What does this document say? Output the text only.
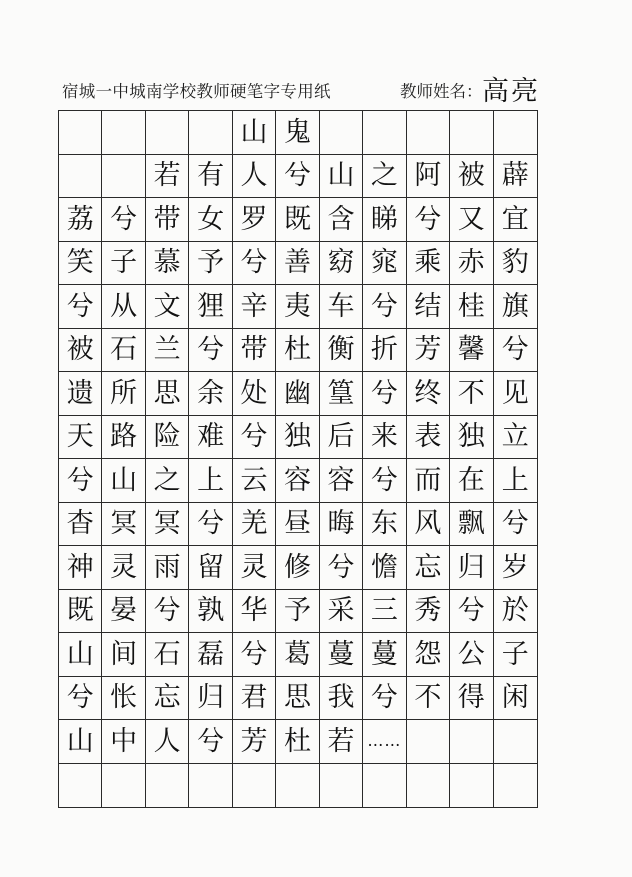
宿城一中城南学校教师硬笔字专用纸	教师姓名： 高亮
山 鬼
若 有 人 兮 山 之 阿 被 薜
荔 兮 带 女 罗 既 含 睇 兮 又 宜
笑 子 慕 予 兮 善 窈 窕 乘 赤 豹
兮 从 文 狸 辛 夷 车 兮 结 桂 旗
被 石 兰 兮 带 杜 衡 折 芳 馨 兮
遗 所 思 余 处 幽 篁 兮 终 不 见
天 路 险 难 兮 独 后 来 表 独 立
兮 山 之 上 云 容 容 兮 而 在 上
杳 冥 冥 兮 羌 昼 晦 东 风 飘 兮
神 灵 雨 留 灵 修 兮 憺 忘 归 岁
既 晏 兮 孰 华 予 采 三 秀 兮 於
山 间 石 磊 兮 葛 蔓 蔓 怨 公 子
兮 怅 忘 归 君 思 我 兮 不 得 闲
山 中 人 兮 芳 杜 若 ……
